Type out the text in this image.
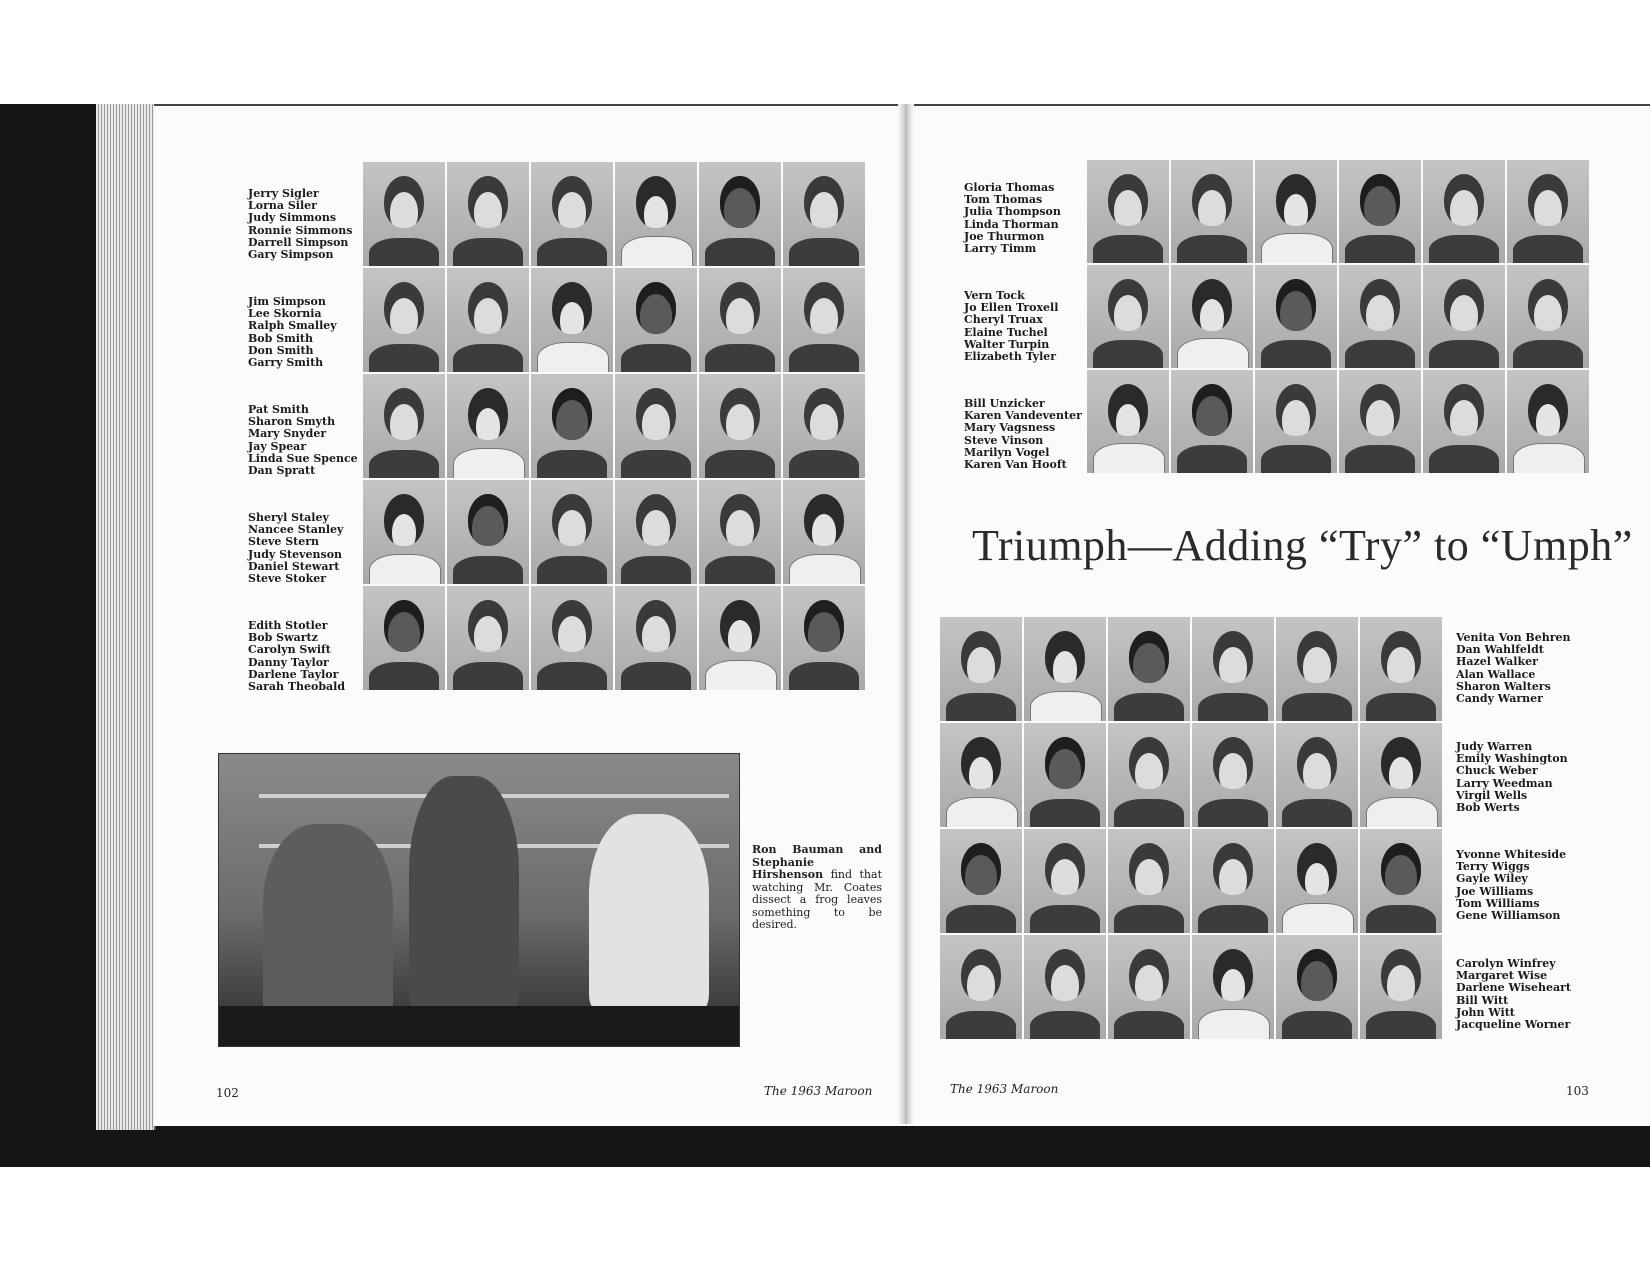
Jerry Sigler
Lorna Siler
Judy Simmons
Ronnie Simmons
Darrell Simpson
Gary Simpson
Jim Simpson
Lee Skornia
Ralph Smalley
Bob Smith
Don Smith
Garry Smith
Pat Smith
Sharon Smyth
Mary Snyder
Jay Spear
Linda Sue Spence
Dan Spratt
Sheryl Staley
Nancee Stanley
Steve Stern
Judy Stevenson
Daniel Stewart
Steve Stoker
Edith Stotler
Bob Swartz
Carolyn Swift
Danny Taylor
Darlene Taylor
Sarah Theobald

Ron Bauman and Stephanie Hirshenson find that watching Mr. Coates dissect a frog leaves something to be desired.

102	The 1963 Maroon
Gloria Thomas
Tom Thomas
Julia Thompson
Linda Thorman
Joe Thurmon
Larry Timm
Vern Tock
Jo Ellen Troxell
Cheryl Truax
Elaine Tuchel
Walter Turpin
Elizabeth Tyler
Bill Unzicker
Karen Vandeventer
Mary Vagsness
Steve Vinson
Marilyn Vogel
Karen Van Hooft
Triumph—Adding “Try” to “Umph”
Venita Von Behren
Dan Wahlfeldt
Hazel Walker
Alan Wallace
Sharon Walters
Candy Warner
Judy Warren
Emily Washington
Chuck Weber
Larry Weedman
Virgil Wells
Bob Werts
Yvonne Whiteside
Terry Wiggs
Gayle Wiley
Joe Williams
Tom Williams
Gene Williamson
Carolyn Winfrey
Margaret Wise
Darlene Wiseheart
Bill Witt
John Witt
Jacqueline Worner
The 1963 Maroon	103
